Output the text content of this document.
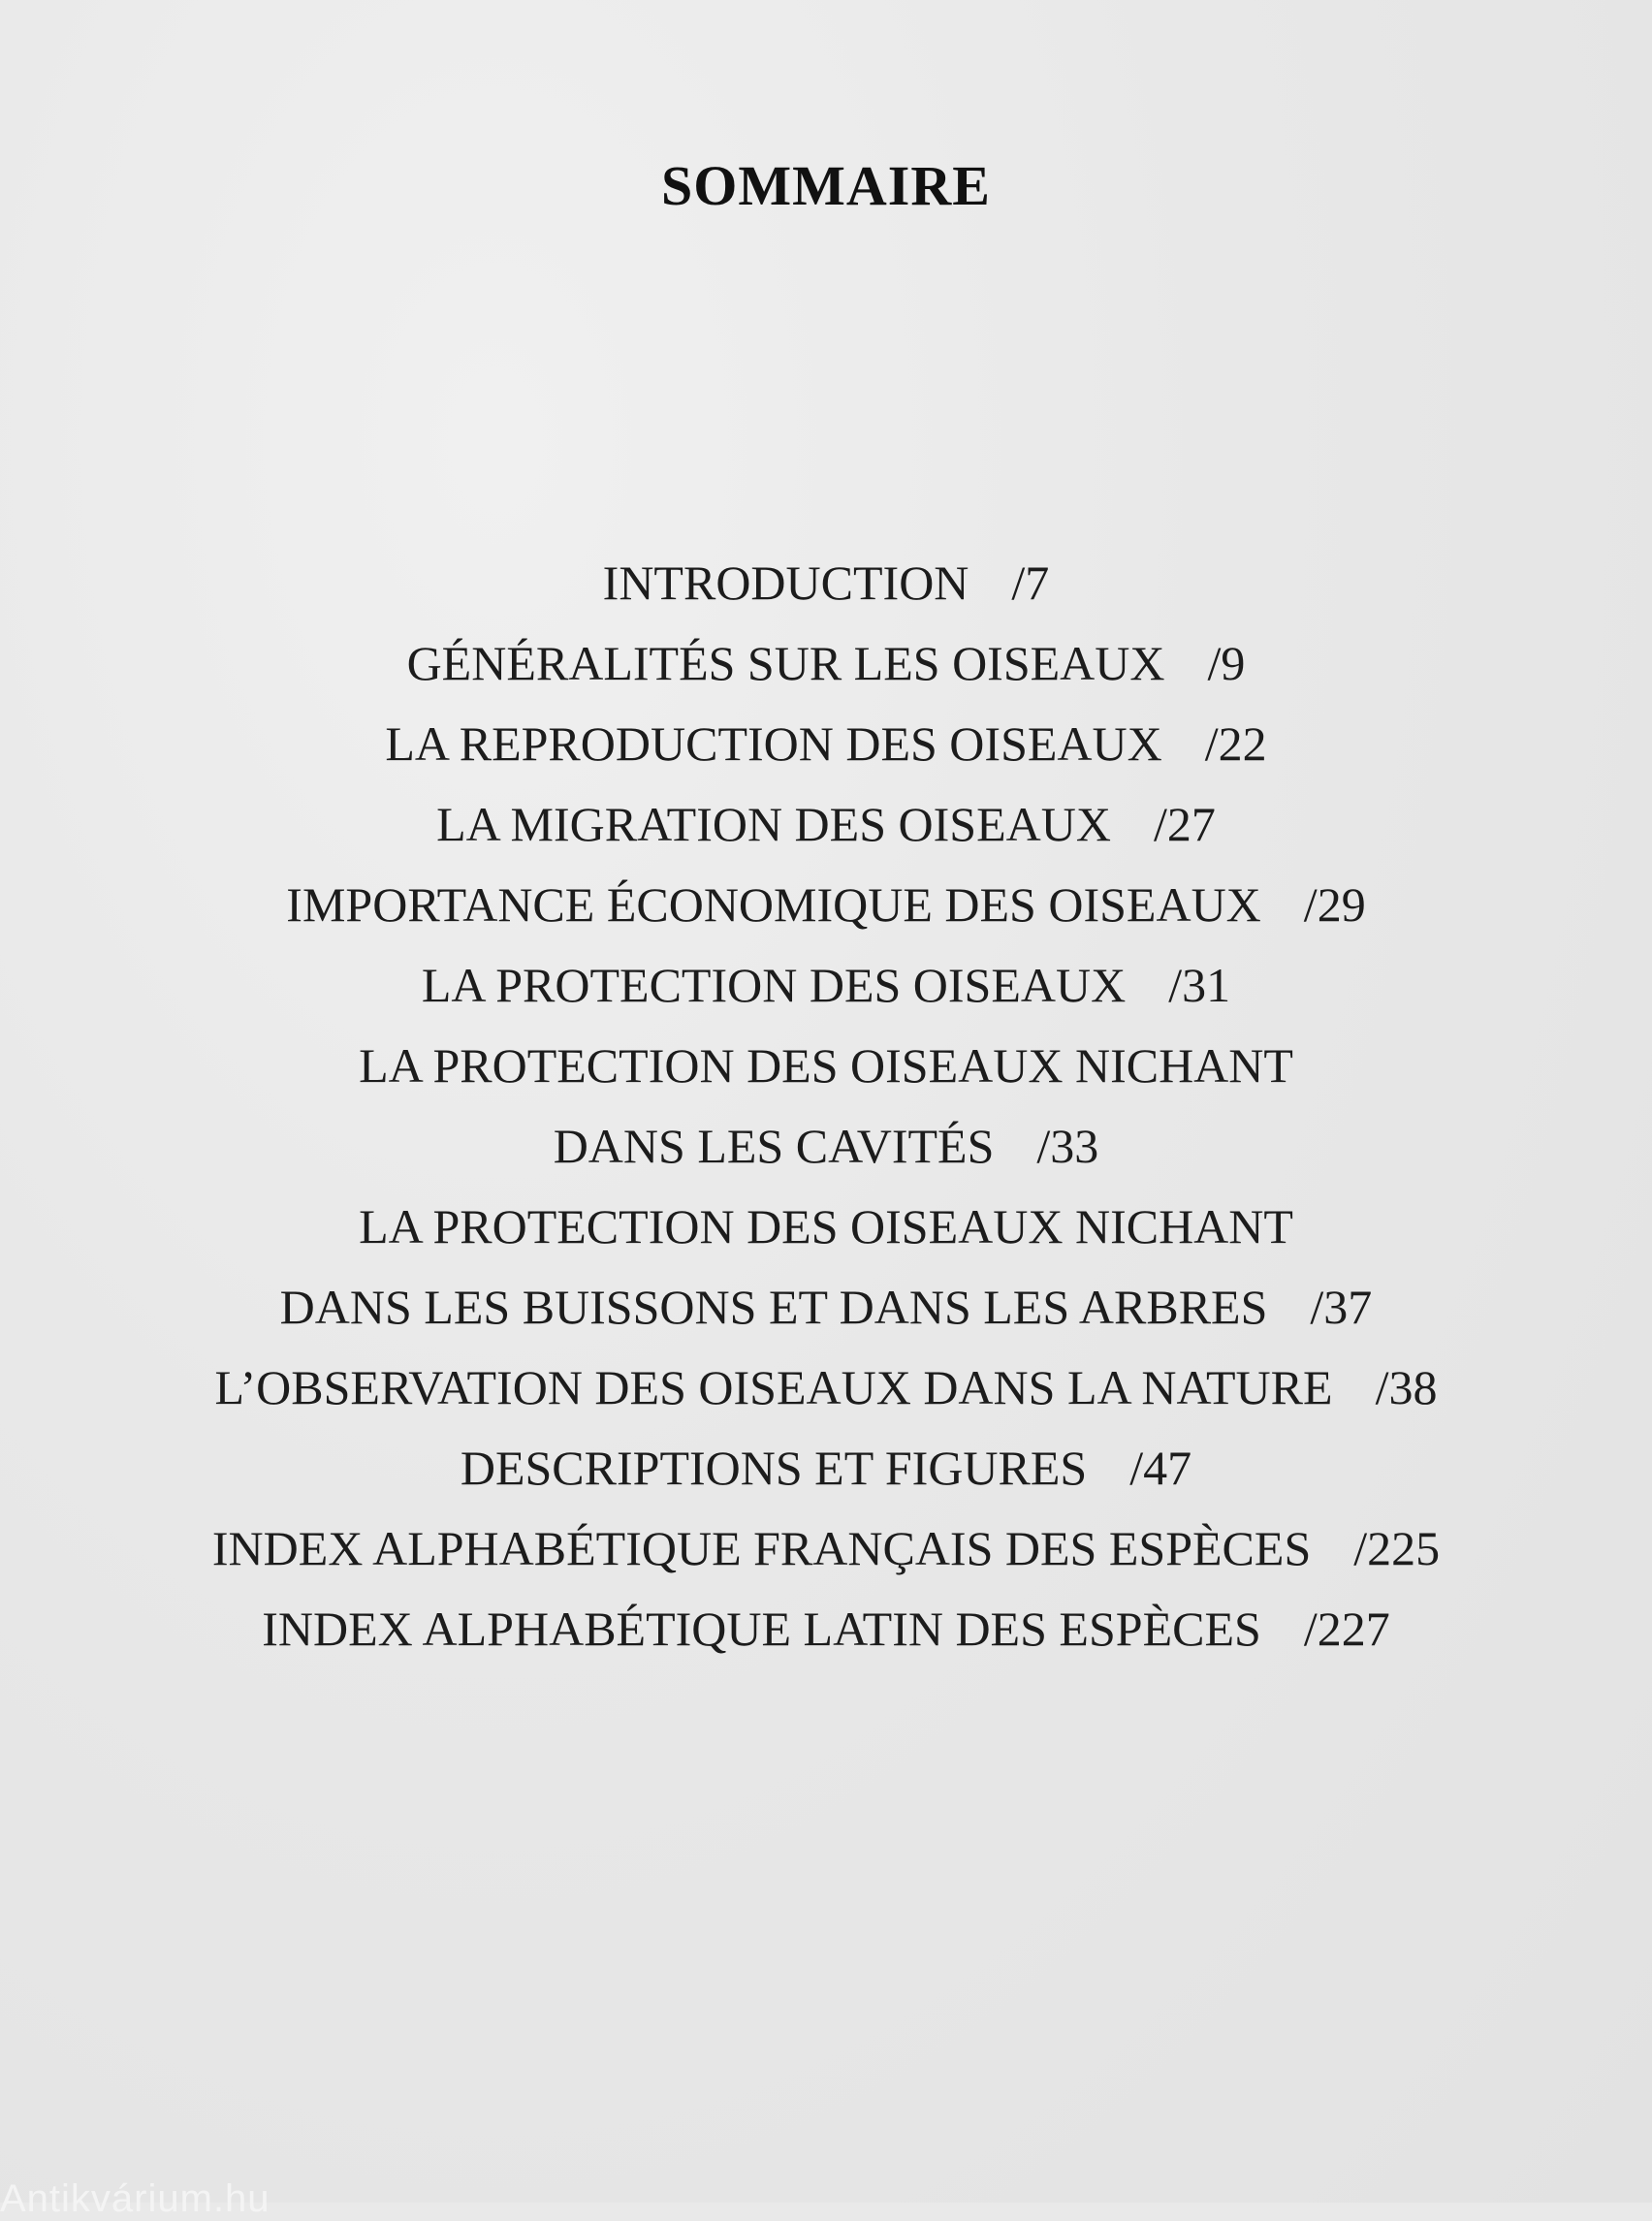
SOMMAIRE
INTRODUCTION /7
GÉNÉRALITÉS SUR LES OISEAUX /9
LA REPRODUCTION DES OISEAUX /22
LA MIGRATION DES OISEAUX /27
IMPORTANCE ÉCONOMIQUE DES OISEAUX /29
LA PROTECTION DES OISEAUX /31
LA PROTECTION DES OISEAUX NICHANT
DANS LES CAVITÉS /33
LA PROTECTION DES OISEAUX NICHANT
DANS LES BUISSONS ET DANS LES ARBRES /37
L’OBSERVATION DES OISEAUX DANS LA NATURE /38
DESCRIPTIONS ET FIGURES /47
INDEX ALPHABÉTIQUE FRANÇAIS DES ESPÈCES /225
INDEX ALPHABÉTIQUE LATIN DES ESPÈCES /227
Antikvárium.hu
